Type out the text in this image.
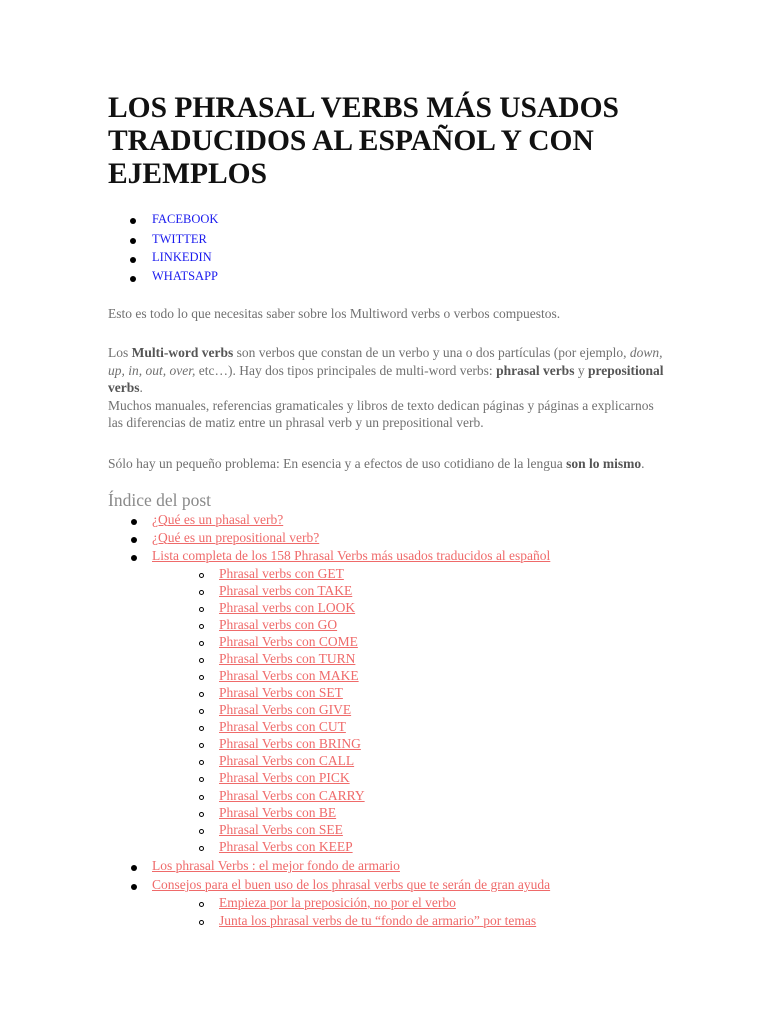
LOS PHRASAL VERBS MÁS USADOS TRADUCIDOS AL ESPAÑOL Y CON EJEMPLOS
FACEBOOK
TWITTER
LINKEDIN
WHATSAPP

Esto es todo lo que necesitas saber sobre los Multiword verbs o verbos compuestos.

Los Multi-word verbs son verbos que constan de un verbo y una o dos partículas (por ejemplo, down, up, in, out, over, etc…). Hay dos tipos principales de multi-word verbs: phrasal verbs y prepositional verbs.
Muchos manuales, referencias gramaticales y libros de texto dedican páginas y páginas a explicarnos las diferencias de matiz entre un phrasal verb y un prepositional verb.

Sólo hay un pequeño problema: En esencia y a efectos de uso cotidiano de la lengua son lo mismo.

Índice del post
¿Qué es un phasal verb?
¿Qué es un prepositional verb?
Lista completa de los 158 Phrasal Verbs más usados traducidos al español
Phrasal verbs con GET
Phrasal verbs con TAKE
Phrasal verbs con LOOK
Phrasal verbs con GO
Phrasal Verbs con COME
Phrasal Verbs con TURN
Phrasal Verbs con MAKE
Phrasal Verbs con SET
Phrasal Verbs con GIVE
Phrasal Verbs con CUT
Phrasal Verbs con BRING
Phrasal Verbs con CALL
Phrasal Verbs con PICK
Phrasal Verbs con CARRY
Phrasal Verbs con BE
Phrasal Verbs con SEE
Phrasal Verbs con KEEP
Los phrasal Verbs : el mejor fondo de armario
Consejos para el buen uso de los phrasal verbs que te serán de gran ayuda
Empieza por la preposición, no por el verbo
Junta los phrasal verbs de tu “fondo de armario” por temas
